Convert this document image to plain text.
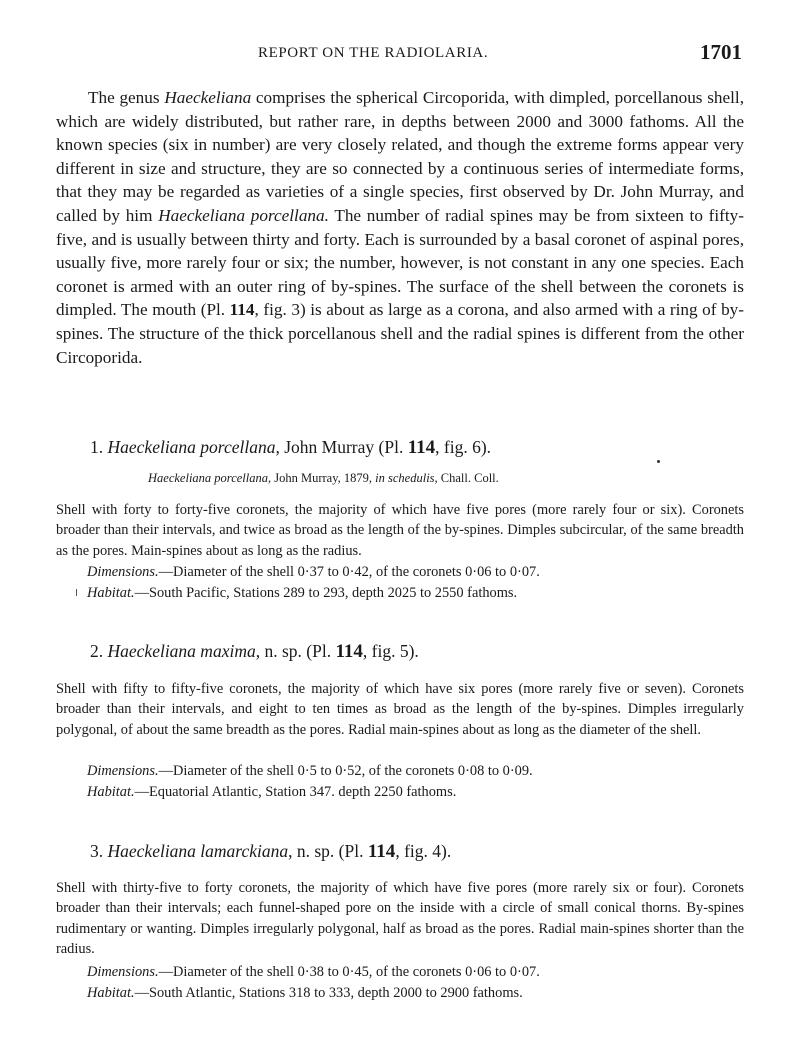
REPORT ON THE RADIOLARIA.	1701

The genus Haeckeliana comprises the spherical Circoporida, with dimpled, porcellanous shell, which are widely distributed, but rather rare, in depths between 2000 and 3000 fathoms. All the known species (six in number) are very closely related, and though the extreme forms appear very different in size and structure, they are so connected by a continuous series of intermediate forms, that they may be regarded as varieties of a single species, first observed by Dr. John Murray, and called by him Haeckeliana porcellana. The number of radial spines may be from sixteen to fifty-five, and is usually between thirty and forty. Each is surrounded by a basal coronet of aspinal pores, usually five, more rarely four or six; the number, however, is not constant in any one species. Each coronet is armed with an outer ring of by-spines. The surface of the shell between the coronets is dimpled. The mouth (Pl. 114, fig. 3) is about as large as a corona, and also armed with a ring of by-spines. The structure of the thick porcellanous shell and the radial spines is different from the other Circoporida.

1. Haeckeliana porcellana, John Murray (Pl. 114, fig. 6).
Haeckeliana porcellana, John Murray, 1879, in schedulis, Chall. Coll.

Shell with forty to forty-five coronets, the majority of which have five pores (more rarely four or six). Coronets broader than their intervals, and twice as broad as the length of the by-spines. Dimples subcircular, of the same breadth as the pores. Main-spines about as long as the radius.

Dimensions.—Diameter of the shell 0·37 to 0·42, of the coronets 0·06 to 0·07.
Habitat.—South Pacific, Stations 289 to 293, depth 2025 to 2550 fathoms.
2. Haeckeliana maxima, n. sp. (Pl. 114, fig. 5).

Shell with fifty to fifty-five coronets, the majority of which have six pores (more rarely five or seven). Coronets broader than their intervals, and eight to ten times as broad as the length of the by-spines. Dimples irregularly polygonal, of about the same breadth as the pores. Radial main-spines about as long as the diameter of the shell.

Dimensions.—Diameter of the shell 0·5 to 0·52, of the coronets 0·08 to 0·09.
Habitat.—Equatorial Atlantic, Station 347. depth 2250 fathoms.
3. Haeckeliana lamarckiana, n. sp. (Pl. 114, fig. 4).

Shell with thirty-five to forty coronets, the majority of which have five pores (more rarely six or four). Coronets broader than their intervals; each funnel-shaped pore on the inside with a circle of small conical thorns. By-spines rudimentary or wanting. Dimples irregularly polygonal, half as broad as the pores. Radial main-spines shorter than the radius.

Dimensions.—Diameter of the shell 0·38 to 0·45, of the coronets 0·06 to 0·07.
Habitat.—South Atlantic, Stations 318 to 333, depth 2000 to 2900 fathoms.
